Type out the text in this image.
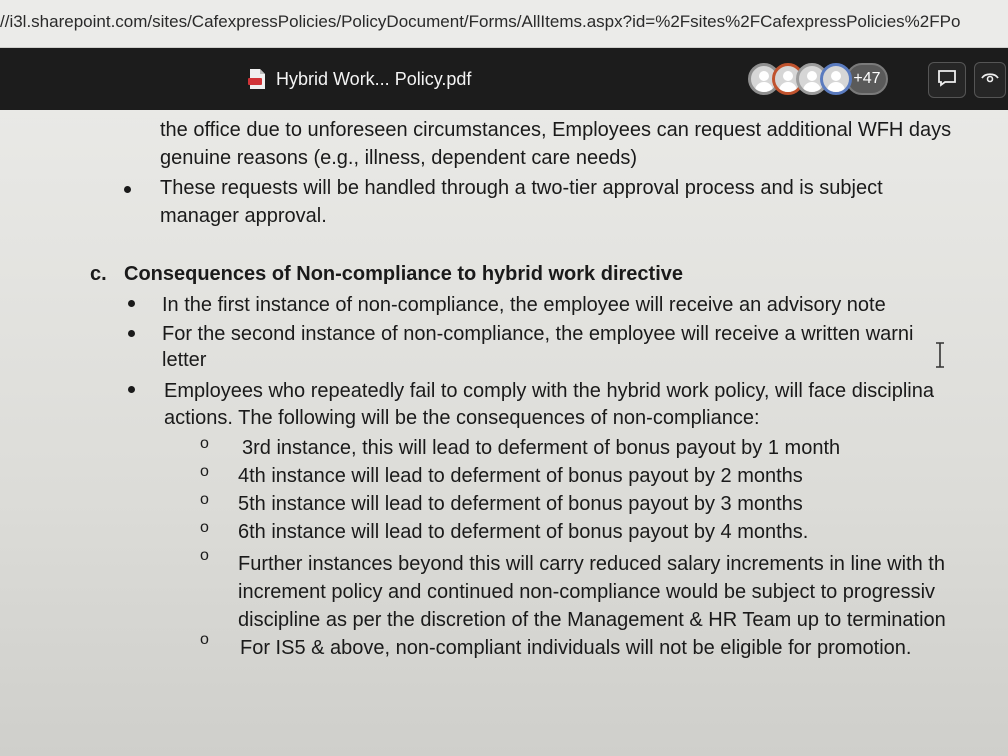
//i3l.sharepoint.com/sites/CafexpressPolicies/PolicyDocument/Forms/AllItems.aspx?id=%2Fsites%2FCafexpressPolicies%2FPo
Hybrid Work... Policy.pdf	+47
the office due to unforeseen circumstances, Employees can request additional WFH days
genuine reasons (e.g., illness, dependent care needs)
These requests will be handled through a two-tier approval process and is subject
manager approval.
c. Consequences of Non-compliance to hybrid work directive
In the first instance of non-compliance, the employee will receive an advisory note
For the second instance of non-compliance, the employee will receive a written warni
letter
Employees who repeatedly fail to comply with the hybrid work policy, will face disciplina
actions. The following will be the consequences of non-compliance:
o 3rd instance, this will lead to deferment of bonus payout by 1 month
o 4th instance will lead to deferment of bonus payout by 2 months
o 5th instance will lead to deferment of bonus payout by 3 months
o 6th instance will lead to deferment of bonus payout by 4 months.
o Further instances beyond this will carry reduced salary increments in line with th
increment policy and continued non-compliance would be subject to progressiv
discipline as per the discretion of the Management & HR Team up to termination
o For IS5 & above, non-compliant individuals will not be eligible for promotion.
